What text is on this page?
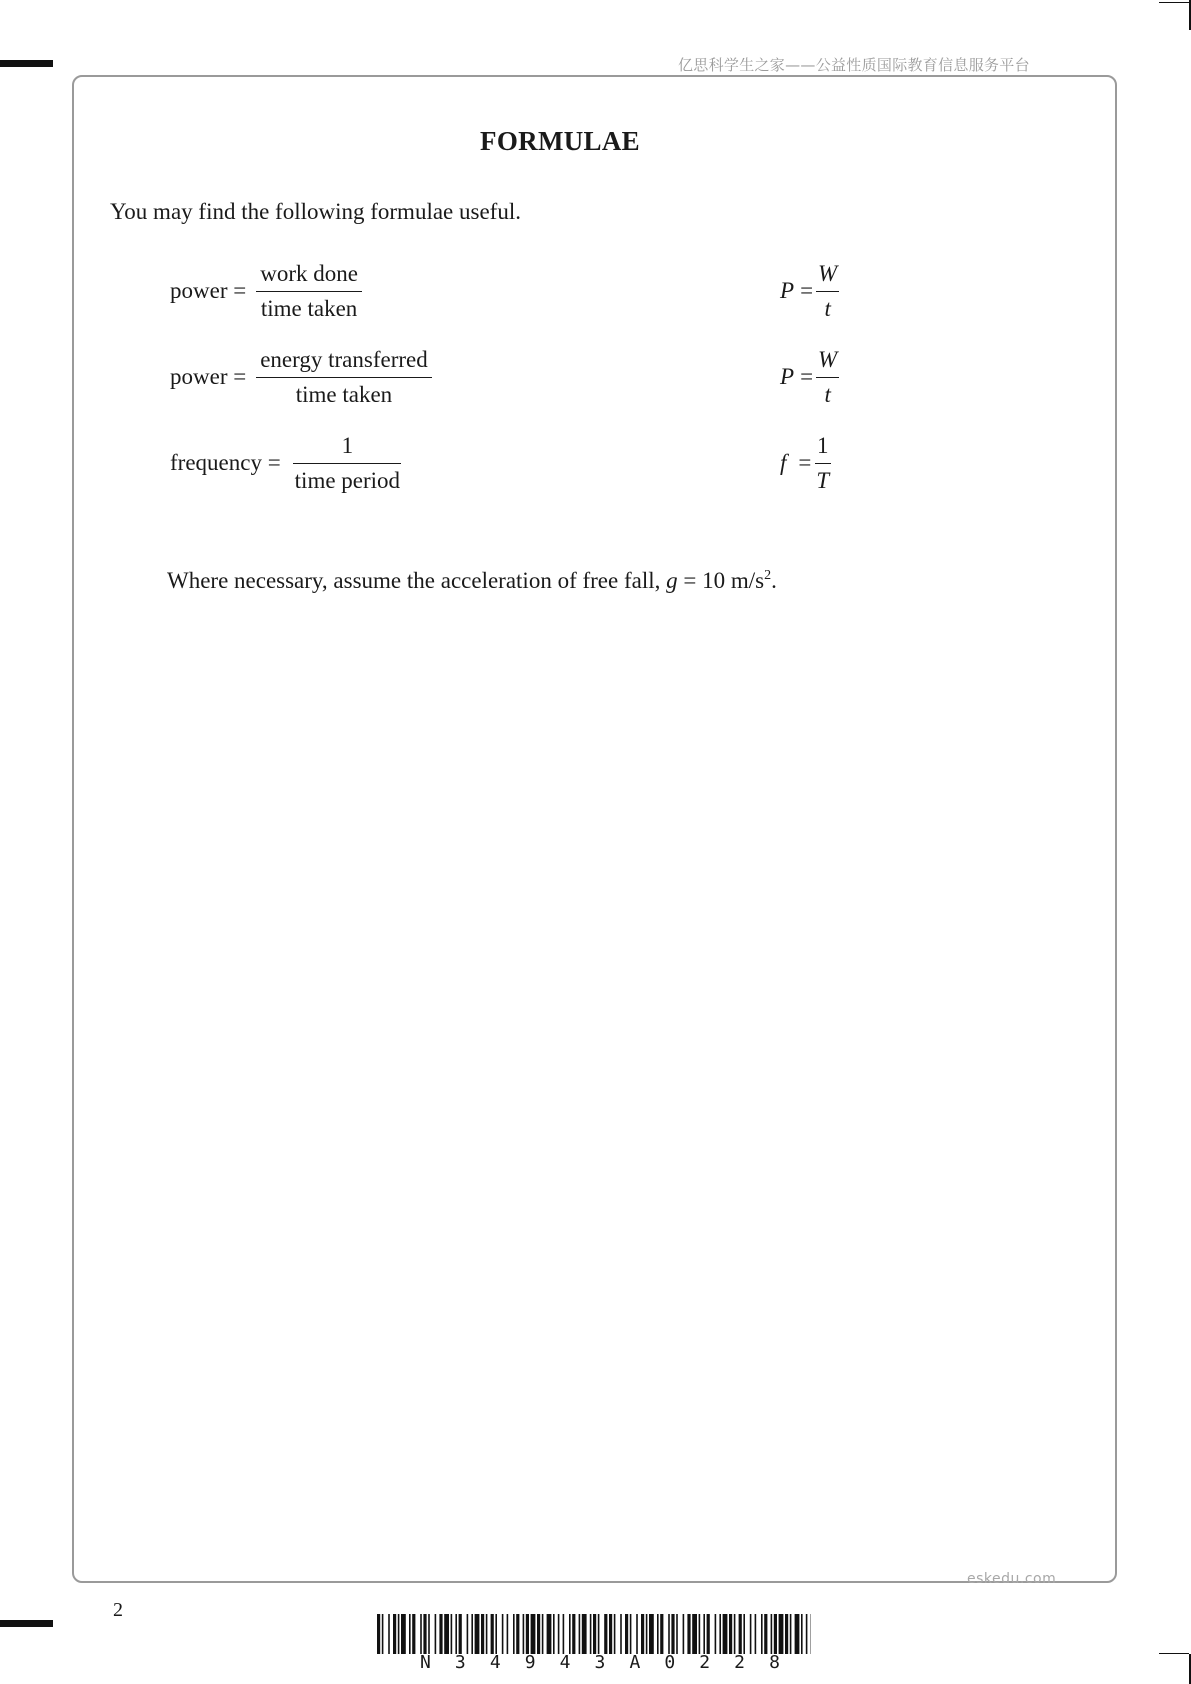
亿思科学生之家——公益性质国际教育信息服务平台
FORMULAE
You may find the following formulae useful.
power = $\frac{\text{work done}}{\text{time taken}}$	$P = \frac{W}{t}$
power = $\frac{\text{energy transferred}}{\text{time taken}}$	$P = \frac{W}{t}$
frequency = $\frac{1}{\text{time period}}$	$f = \frac{1}{T}$
Where necessary, assume the acceleration of free fall, g = 10 $m/s^2$.
eskedu.com
2
N 3 4 9 4 3 A 0 2 2 8
